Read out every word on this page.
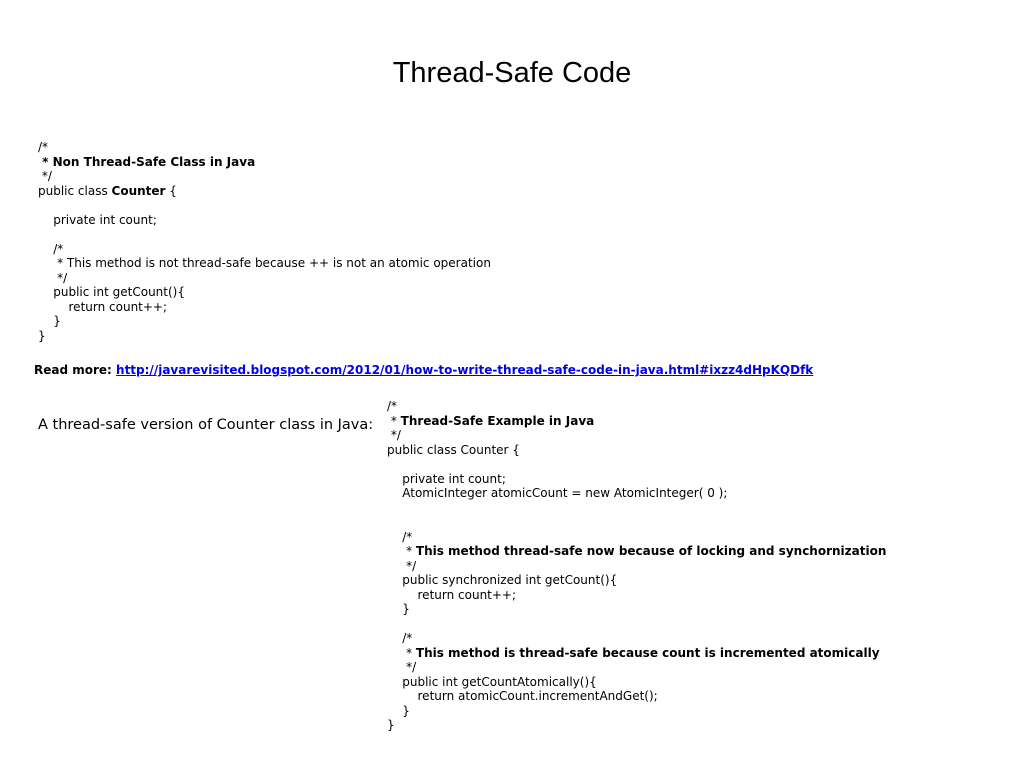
Thread-Safe Code
/*
* Non Thread-Safe Class in Java
*/
public class Counter {
private int count;
/*
* This method is not thread-safe because ++ is not an atomic operation
*/
public int getCount(){
return count++;
}
}
Read more: http://javarevisited.blogspot.com/2012/01/how-to-write-thread-safe-code-in-java.html#ixzz4dHpKQDfk
A thread-safe version of Counter class in Java:
/*
* Thread-Safe Example in Java
*/
public class Counter {
private int count;
AtomicInteger atomicCount = new AtomicInteger( 0 );
/*
* This method thread-safe now because of locking and synchornization
*/
public synchronized int getCount(){
return count++;
}
/*
* This method is thread-safe because count is incremented atomically
*/
public int getCountAtomically(){
return atomicCount.incrementAndGet();
}
}
